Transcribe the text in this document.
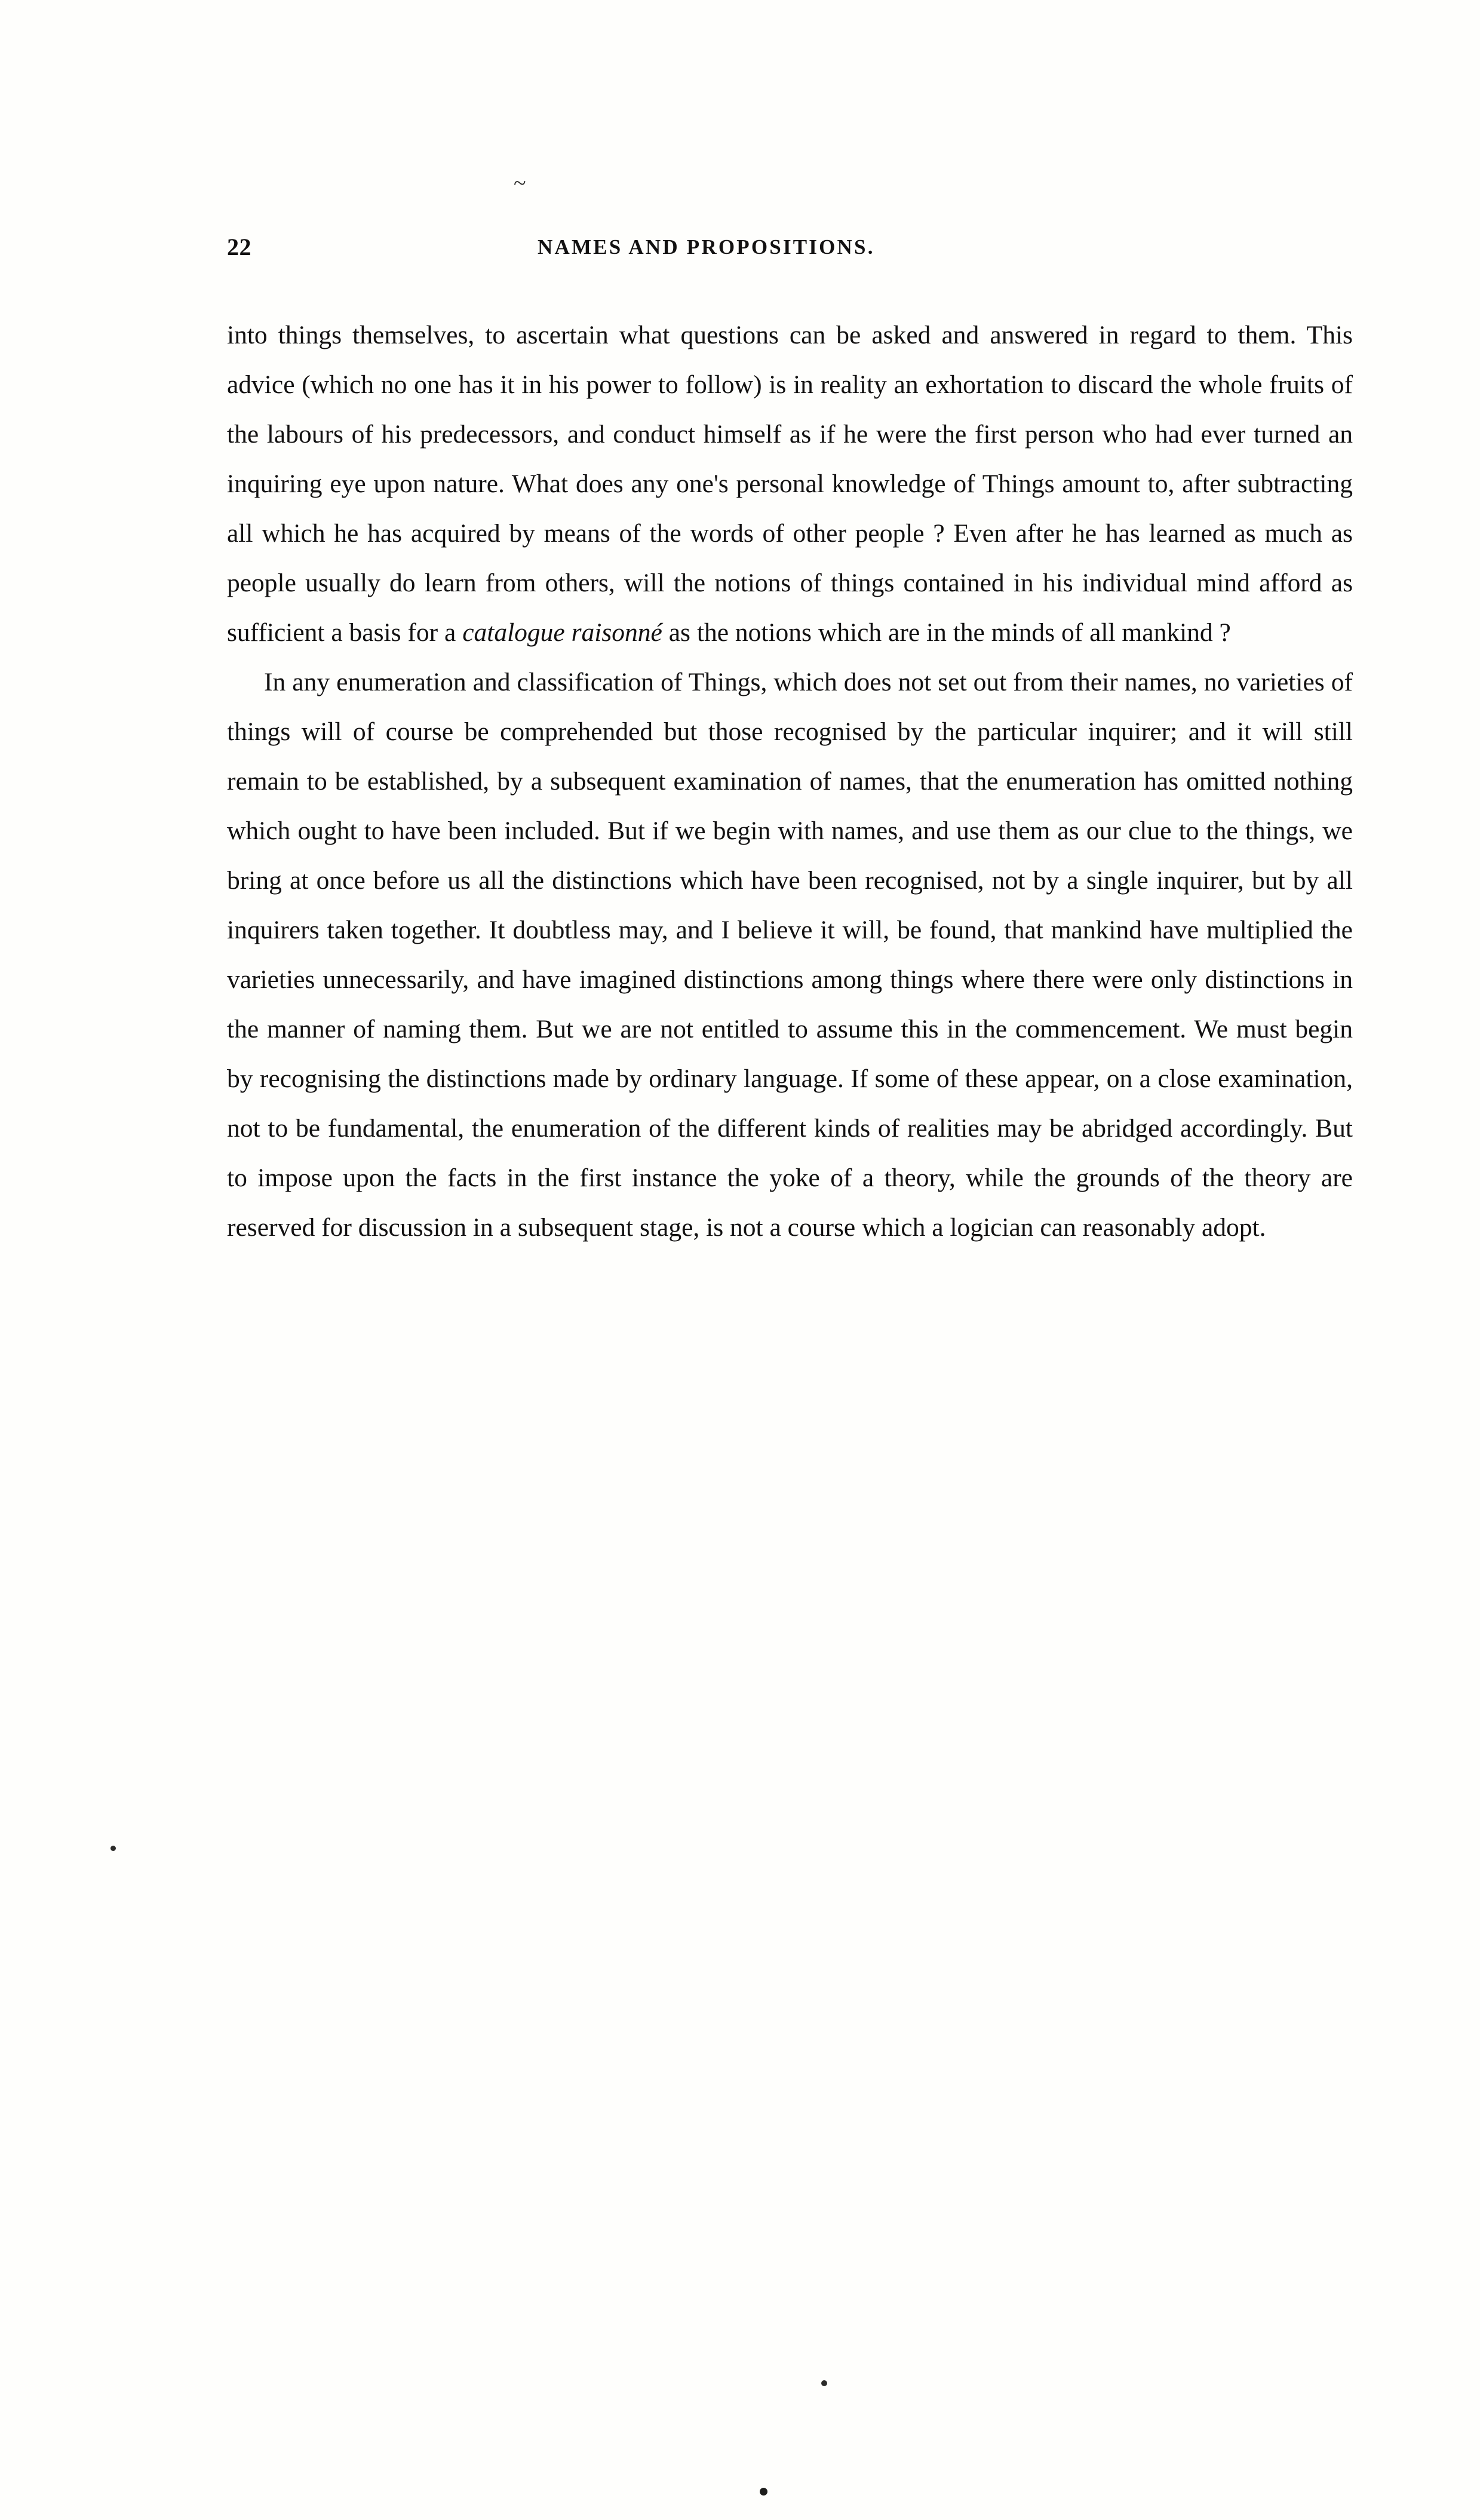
~
22	NAMES AND PROPOSITIONS.

into things themselves, to ascertain what questions can be asked and answered in regard to them. This advice (which no one has it in his power to follow) is in reality an exhortation to discard the whole fruits of the labours of his predecessors, and conduct himself as if he were the first person who had ever turned an inquiring eye upon nature. What does any one's personal knowledge of Things amount to, after subtracting all which he has acquired by means of the words of other people ? Even after he has learned as much as people usually do learn from others, will the notions of things contained in his individual mind afford as sufficient a basis for a catalogue raisonné as the notions which are in the minds of all mankind ?

In any enumeration and classification of Things, which does not set out from their names, no varieties of things will of course be comprehended but those recognised by the particular inquirer; and it will still remain to be established, by a subsequent examination of names, that the enumeration has omitted nothing which ought to have been included. But if we begin with names, and use them as our clue to the things, we bring at once before us all the distinctions which have been recognised, not by a single inquirer, but by all inquirers taken together. It doubtless may, and I believe it will, be found, that mankind have multiplied the varieties unnecessarily, and have imagined distinctions among things where there were only distinctions in the manner of naming them. But we are not entitled to assume this in the commencement. We must begin by recognising the distinctions made by ordinary language. If some of these appear, on a close examination, not to be fundamental, the enumeration of the different kinds of realities may be abridged accordingly. But to impose upon the facts in the first instance the yoke of a theory, while the grounds of the theory are reserved for discussion in a subsequent stage, is not a course which a logician can reasonably adopt.
